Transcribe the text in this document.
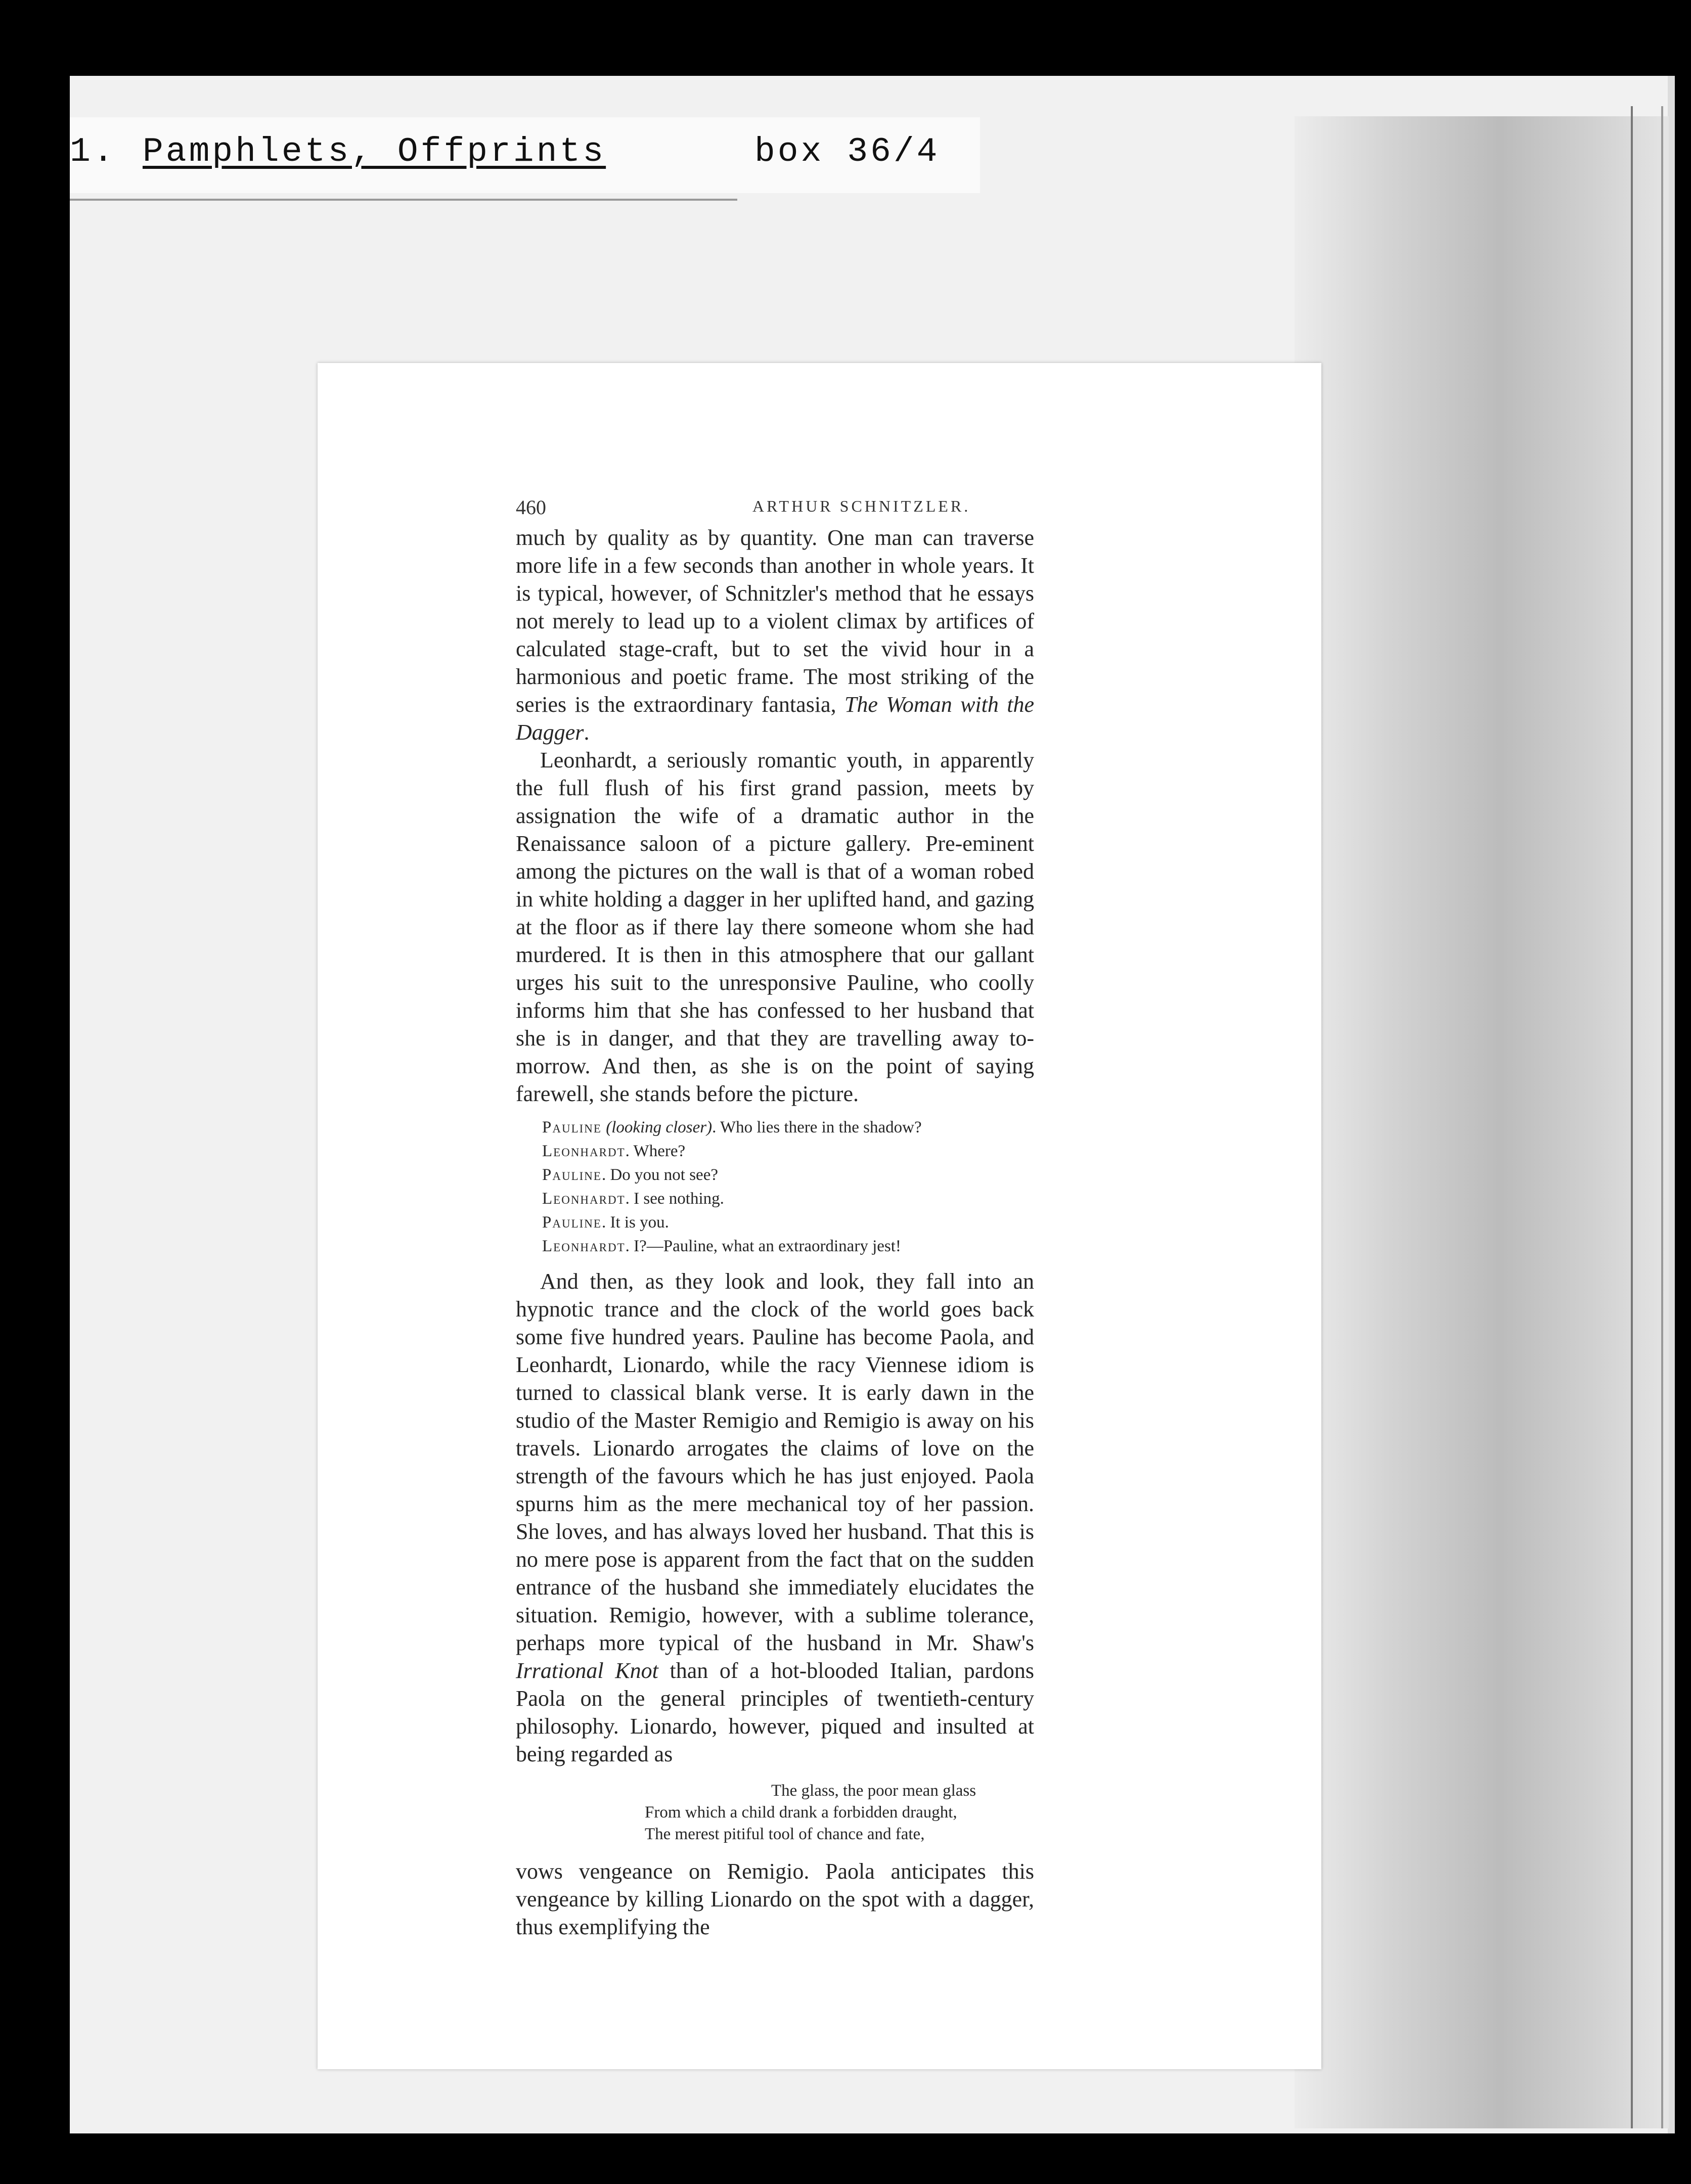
1. Pamphlets, Offprints	box 36/4
460	ARTHUR SCHNITZLER.

much by quality as by quantity. One man can traverse more life in a few seconds than another in whole years. It is typical, however, of Schnitzler's method that he essays not merely to lead up to a violent climax by artifices of calculated stage-craft, but to set the vivid hour in a harmonious and poetic frame. The most striking of the series is the extraordinary fantasia, The Woman with the Dagger.

Leonhardt, a seriously romantic youth, in apparently the full flush of his first grand passion, meets by assignation the wife of a dramatic author in the Renaissance saloon of a picture gallery. Pre-eminent among the pictures on the wall is that of a woman robed in white holding a dagger in her uplifted hand, and gazing at the floor as if there lay there someone whom she had murdered. It is then in this atmosphere that our gallant urges his suit to the unresponsive Pauline, who coolly informs him that she has confessed to her husband that she is in danger, and that they are travelling away to-morrow. And then, as she is on the point of saying farewell, she stands before the picture.

Pauline (looking closer). Who lies there in the shadow?
Leonhardt. Where?
Pauline. Do you not see?
Leonhardt. I see nothing.
Pauline. It is you.
Leonhardt. I?—Pauline, what an extraordinary jest!

And then, as they look and look, they fall into an hypnotic trance and the clock of the world goes back some five hundred years. Pauline has become Paola, and Leonhardt, Lionardo, while the racy Viennese idiom is turned to classical blank verse. It is early dawn in the studio of the Master Remigio and Remigio is away on his travels. Lionardo arrogates the claims of love on the strength of the favours which he has just enjoyed. Paola spurns him as the mere mechanical toy of her passion. She loves, and has always loved her husband. That this is no mere pose is apparent from the fact that on the sudden entrance of the husband she immediately elucidates the situation. Remigio, however, with a sublime tolerance, perhaps more typical of the husband in Mr. Shaw's Irrational Knot than of a hot-blooded Italian, pardons Paola on the general principles of twentieth-century philosophy. Lionardo, however, piqued and insulted at being regarded as

The glass, the poor mean glass
From which a child drank a forbidden draught,
The merest pitiful tool of chance and fate,

vows vengeance on Remigio. Paola anticipates this vengeance by killing Lionardo on the spot with a dagger, thus exemplifying the
